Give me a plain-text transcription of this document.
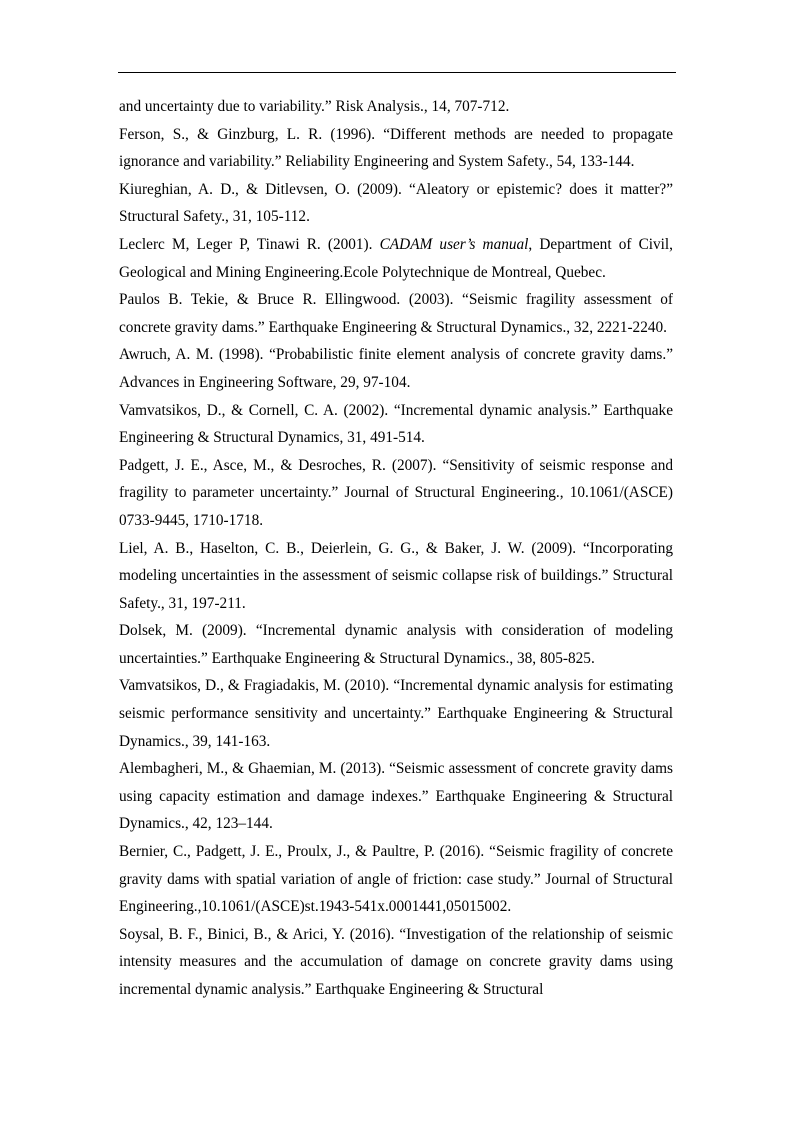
and uncertainty due to variability.” Risk Analysis., 14, 707-712.

Ferson, S., & Ginzburg, L. R. (1996). “Different methods are needed to propagate ignorance and variability.” Reliability Engineering and System Safety., 54, 133-144.

Kiureghian, A. D., & Ditlevsen, O. (2009). “Aleatory or epistemic? does it matter?” Structural Safety., 31, 105-112.

Leclerc M, Leger P, Tinawi R. (2001). CADAM user’s manual, Department of Civil, Geological and Mining Engineering.Ecole Polytechnique de Montreal, Quebec.

Paulos B. Tekie, & Bruce R. Ellingwood. (2003). “Seismic fragility assessment of concrete gravity dams.” Earthquake Engineering & Structural Dynamics., 32, 2221-2240.

Awruch, A. M. (1998). “Probabilistic finite element analysis of concrete gravity dams.” Advances in Engineering Software, 29, 97-104.

Vamvatsikos, D., & Cornell, C. A. (2002). “Incremental dynamic analysis.” Earthquake Engineering & Structural Dynamics, 31, 491-514.

Padgett, J. E., Asce, M., & Desroches, R. (2007). “Sensitivity of seismic response and fragility to parameter uncertainty.” Journal of Structural Engineering., 10.1061/(ASCE) 0733-9445, 1710-1718.

Liel, A. B., Haselton, C. B., Deierlein, G. G., & Baker, J. W. (2009). “Incorporating modeling uncertainties in the assessment of seismic collapse risk of buildings.” Structural Safety., 31, 197-211.

Dolsek, M. (2009). “Incremental dynamic analysis with consideration of modeling uncertainties.” Earthquake Engineering & Structural Dynamics., 38, 805-825.

Vamvatsikos, D., & Fragiadakis, M. (2010). “Incremental dynamic analysis for estimating seismic performance sensitivity and uncertainty.” Earthquake Engineering & Structural Dynamics., 39, 141-163.

Alembagheri, M., & Ghaemian, M. (2013). “Seismic assessment of concrete gravity dams using capacity estimation and damage indexes.” Earthquake Engineering & Structural Dynamics., 42, 123–144.

Bernier, C., Padgett, J. E., Proulx, J., & Paultre, P. (2016). “Seismic fragility of concrete gravity dams with spatial variation of angle of friction: case study.” Journal of Structural Engineering.,10.1061/(ASCE)st.1943-541x.0001441,05015002.

Soysal, B. F., Binici, B., & Arici, Y. (2016). “Investigation of the relationship of seismic intensity measures and the accumulation of damage on concrete gravity dams using incremental dynamic analysis.” Earthquake Engineering & Structural
